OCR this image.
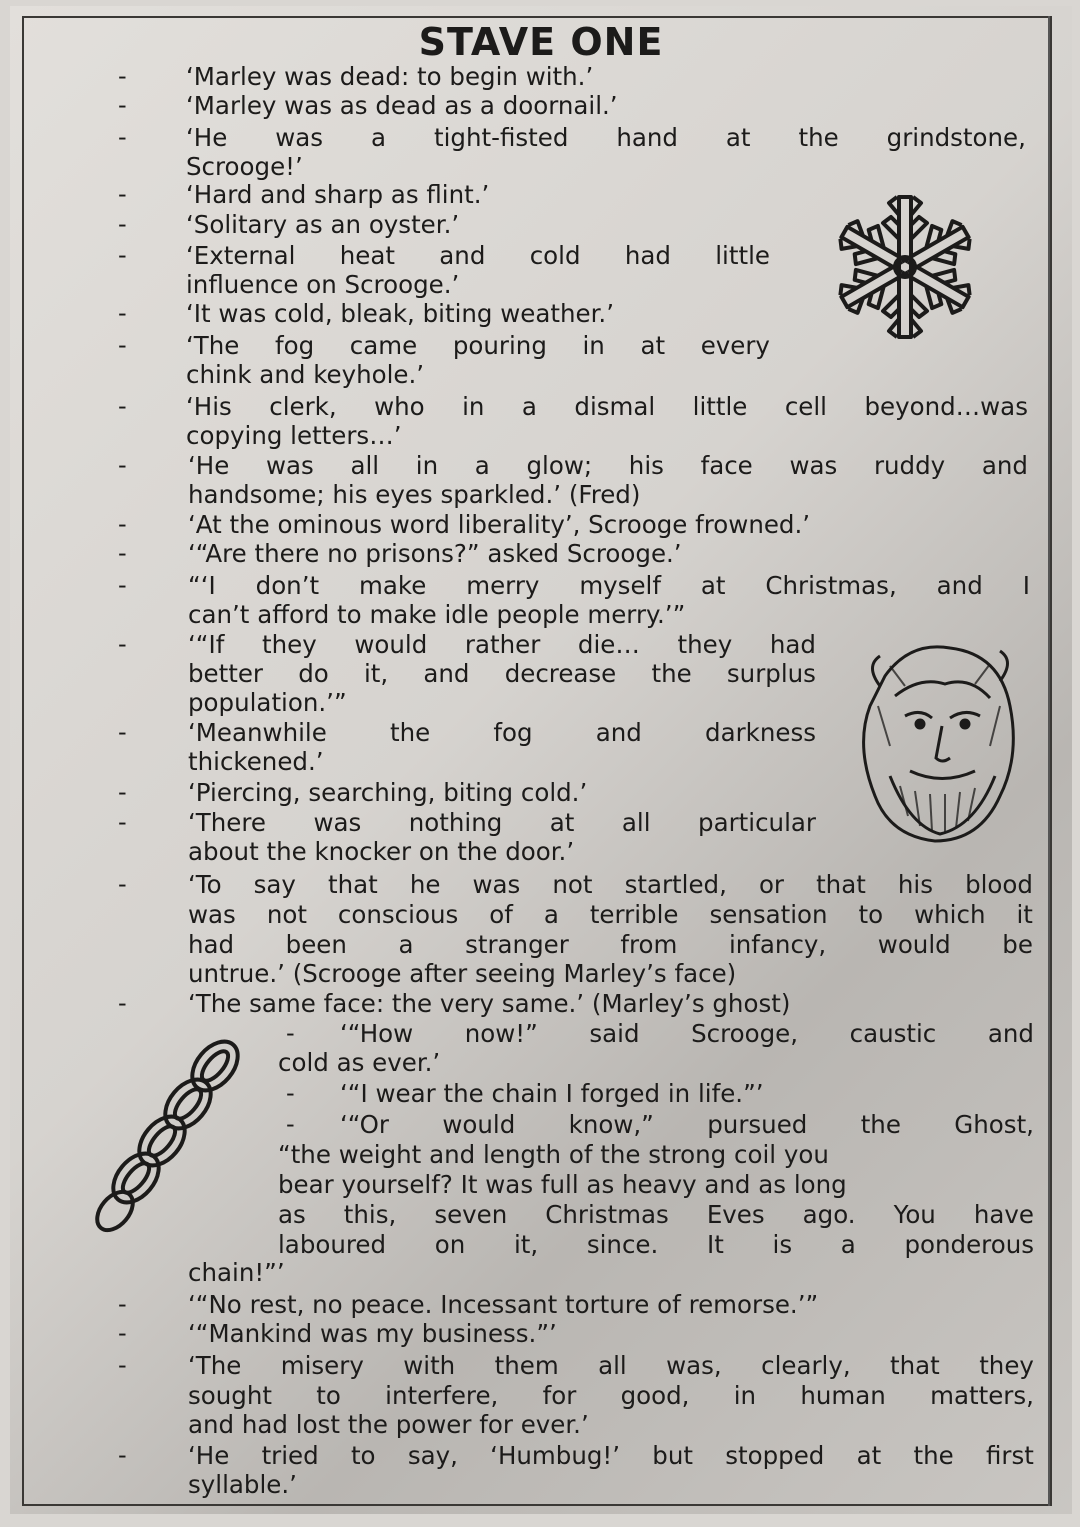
STAVE ONE
-
-
-
-
-
-
-
-
-
-
-
-
-
-
-
-
-
-
-
-
-
-
-
-
-
-
‘Marley was dead: to begin with.’
‘Marley was as dead as a doornail.’
‘He was a tight-fisted hand at the grindstone,
Scrooge!’
‘Hard and sharp as flint.’
‘Solitary as an oyster.’
‘External heat and cold had little
influence on Scrooge.’
‘It was cold, bleak, biting weather.’
‘The fog came pouring in at every
chink and keyhole.’
‘His clerk, who in a dismal little cell beyond…was
copying letters…’
‘He was all in a glow; his face was ruddy and
handsome; his eyes sparkled.’ (Fred)
‘At the ominous word liberality’, Scrooge frowned.’
‘“Are there no prisons?” asked Scrooge.’
“‘I don’t make merry myself at Christmas, and I
can’t afford to make idle people merry.’”
‘“If they would rather die… they had
better do it, and decrease the surplus
population.’”
‘Meanwhile	the	fog	and	darkness
thickened.’
‘Piercing, searching, biting cold.’
‘There was nothing at all particular
about the knocker on the door.’
‘To say that he was not startled, or that his blood
was not conscious of a terrible sensation to which it
had been a stranger from infancy, would be
untrue.’ (Scrooge after seeing Marley’s face)
‘The same face: the very same.’ (Marley’s ghost)
‘“How now!” said Scrooge, caustic and
cold as ever.’
‘“I wear the chain I forged in life.”’
‘“Or would know,” pursued the Ghost,
“the weight and length of the strong coil you
bear yourself? It was full as heavy and as long
as this, seven Christmas Eves ago. You have
laboured on it, since. It is a ponderous
chain!”’
‘“No rest, no peace. Incessant torture of remorse.’”
‘“Mankind was my business.”’
‘The misery with them all was, clearly, that they
sought to interfere, for good, in human matters,
and had lost the power for ever.’
‘He tried to say, ‘Humbug!’ but stopped at the first
syllable.’
